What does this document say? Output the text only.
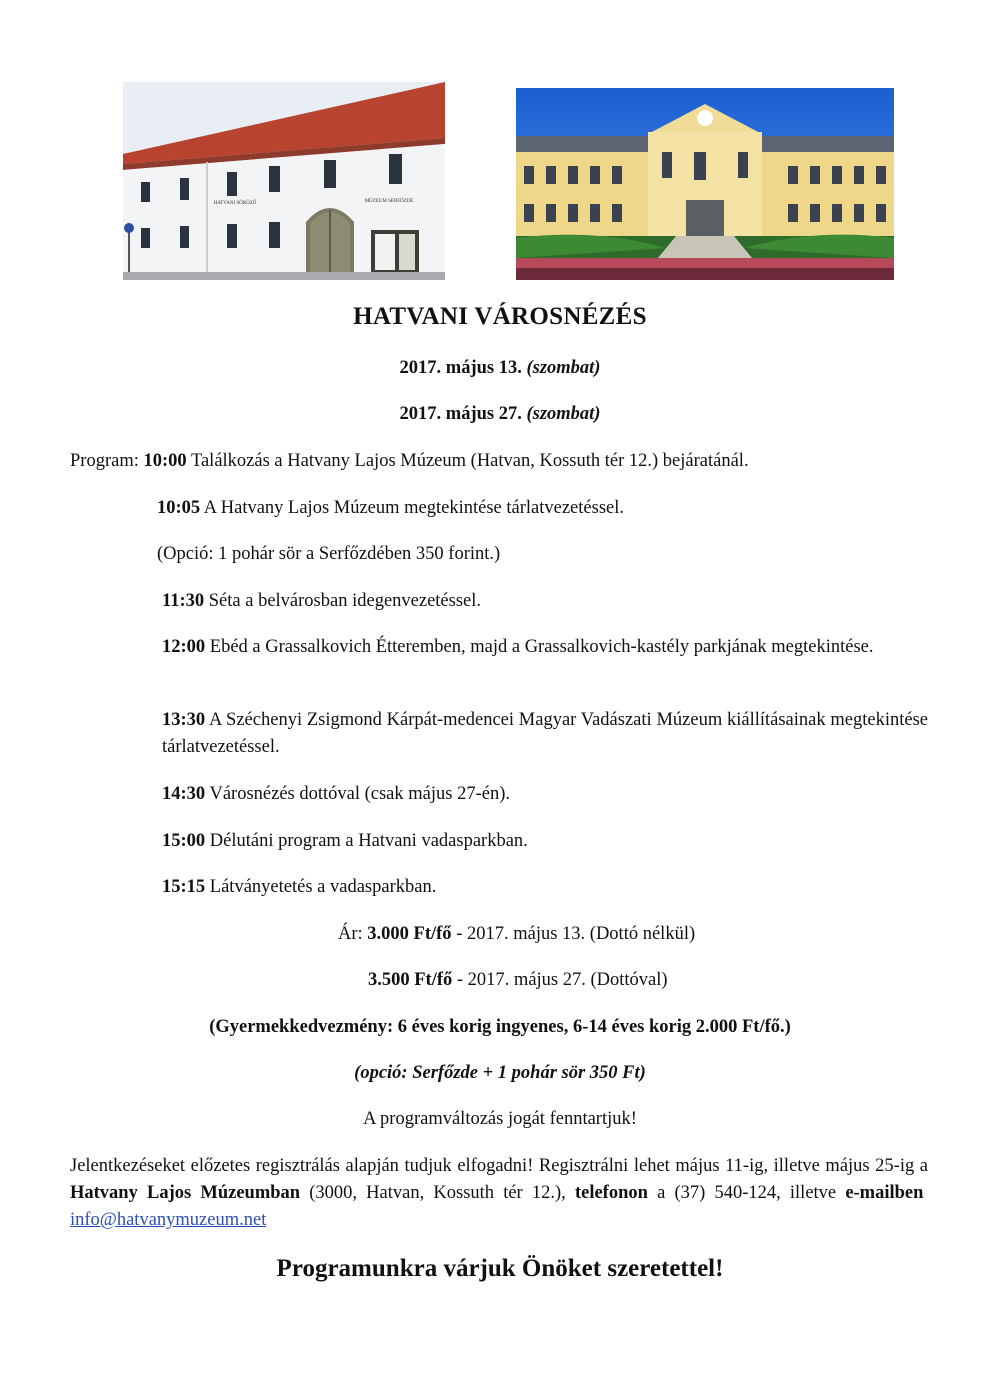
HATVANI SÖRÖZŐ	MÚZEUM SERFŐZDE
HATVANI VÁROSNÉZÉS
2017. május 13. (szombat)
2017. május 27. (szombat)
Program: 10:00 Találkozás a Hatvany Lajos Múzeum (Hatvan, Kossuth tér 12.) bejáratánál.
10:05 A Hatvany Lajos Múzeum megtekintése tárlatvezetéssel.
(Opció: 1 pohár sör a Serfőzdében 350 forint.)
11:30 Séta a belvárosban idegenvezetéssel.
12:00 Ebéd a Grassalkovich Étteremben, majd a Grassalkovich-kastély parkjának megtekintése.
13:30 A Széchenyi Zsigmond Kárpát-medencei Magyar Vadászati Múzeum kiállításainak megtekintése tárlatvezetéssel.
14:30 Városnézés dottóval (csak május 27-én).
15:00 Délutáni program a Hatvani vadasparkban.
15:15 Látványetetés a vadasparkban.
Ár: 3.000 Ft/fő - 2017. május 13. (Dottó nélkül)
3.500 Ft/fő - 2017. május 27. (Dottóval)
(Gyermekkedvezmény: 6 éves korig ingyenes, 6-14 éves korig 2.000 Ft/fő.)
(opció: Serfőzde + 1 pohár sör 350 Ft)
A programváltozás jogát fenntartjuk!
Jelentkezéseket előzetes regisztrálás alapján tudjuk elfogadni! Regisztrálni lehet május 11-ig, illetve május 25-ig a Hatvany Lajos Múzeumban (3000, Hatvan, Kossuth tér 12.), telefonon a (37) 540-124, illetve e-mailben  info@hatvanymuzeum.net
Programunkra várjuk Önöket szeretettel!
